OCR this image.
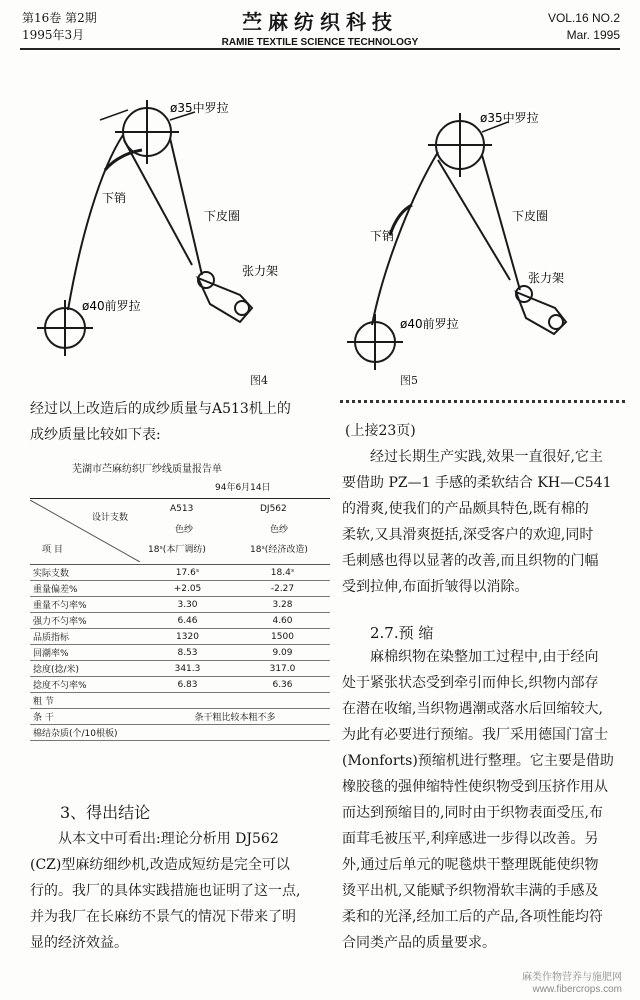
第16卷 第2期
1995年3月
苎麻纺织科技
RAMIE TEXTILE SCIENCE TECHNOLOGY
VOL.16 NO.2
Mar. 1995
ø35中罗拉
下销
下皮圈
张力架
ø40前罗拉
图4
ø35中罗拉
下销
下皮圈
张力架
ø40前罗拉
图5
经过以上改造后的成纱质量与A513机上的
成纱质量比较如下表:
芜湖市苎麻纺织厂纱线质量报告单
94年6月14日
设计支数
项 目
A513	DJ562
色纱	色纱
18ˢ(本厂调纺)	18ˢ(经济改造)
实际支数	17.6ˢ	18.4ˢ
重量偏差%	+2.05	-2.27
重量不匀率%	3.30	3.28
强力不匀率%	6.46	4.60
品质指标	1320	1500
回潮率%	8.53	9.09
捻度(捻/米)	341.3	317.0
捻度不匀率%	6.83	6.36
粗 节		
条 干	条干粗比较本粗不多	
棉结杂质(个/10根板)		
3、得出结论
从本文中可看出:理论分析用 DJ562
(CZ)型麻纺细纱机,改造成短纺是完全可以
行的。我厂的具体实践措施也证明了这一点,
并为我厂在长麻纺不景气的情况下带来了明
显的经济效益。
(上接23页)
经过长期生产实践,效果一直很好,它主
要借助 PZ—1 手感的柔软结合 KH—C541
的滑爽,使我们的产品颇具特色,既有棉的
柔软,又具滑爽挺括,深受客户的欢迎,同时
毛刺感也得以显著的改善,而且织物的门幅
受到拉伸,布面折皱得以消除。
2.7.预 缩
麻棉织物在染整加工过程中,由于经向
处于紧张状态受到牵引而伸长,织物内部存
在潜在收缩,当织物遇潮或落水后回缩较大,
为此有必要进行预缩。我厂采用德国门富士
(Monforts)预缩机进行整理。它主要是借助
橡胶毯的强伸缩特性使织物受到压挤作用从
而达到预缩目的,同时由于织物表面受压,布
面茸毛被压平,利痒感进一步得以改善。另
外,通过后单元的呢毯烘干整理既能使织物
烫平出机,又能赋予织物滑软丰满的手感及
柔和的光泽,经加工后的产品,各项性能均符
合同类产品的质量要求。
麻类作物营养与施肥网
www.fibercrops.com
